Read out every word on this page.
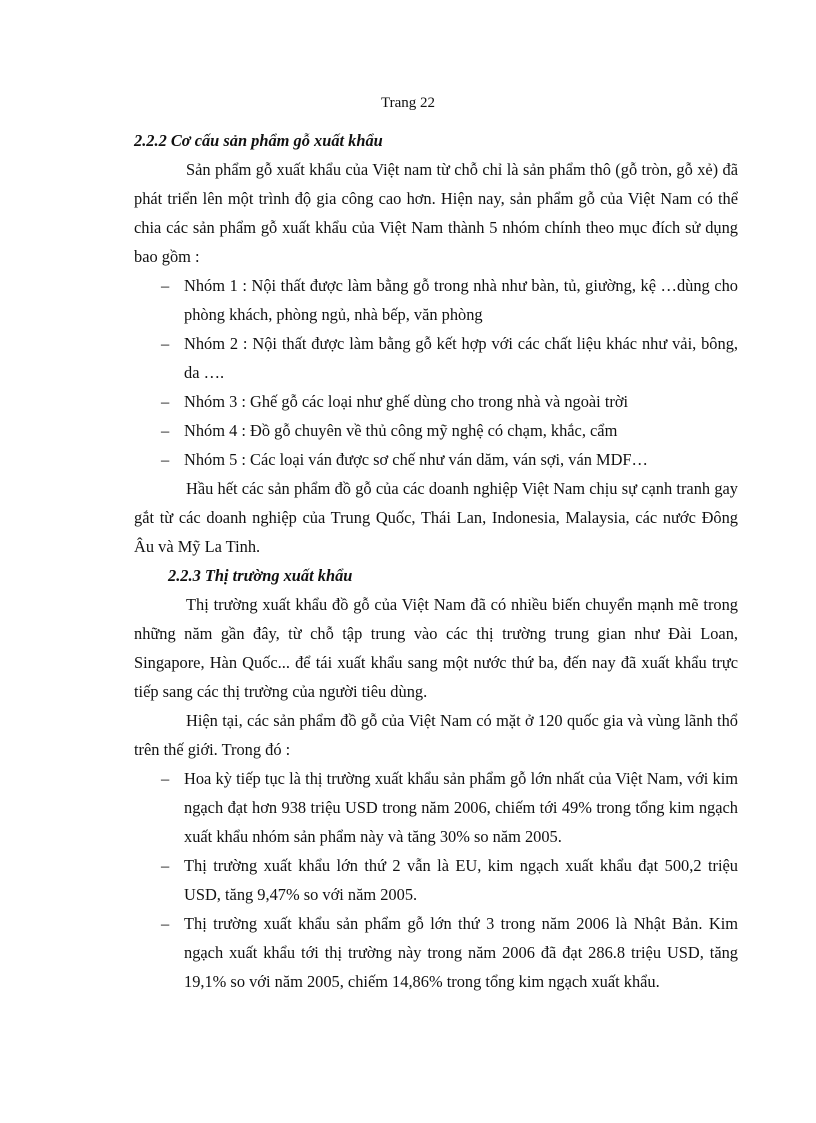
Trang 22

2.2.2 Cơ cấu sản phẩm gỗ xuất khẩu

Sản phẩm gỗ xuất khẩu của Việt nam từ chỗ chỉ là sản phẩm thô (gỗ tròn, gỗ xẻ) đã phát triển lên một trình độ gia công cao hơn. Hiện nay, sản phẩm gỗ của Việt Nam có thể chia các sản phẩm gỗ xuất khẩu của Việt Nam thành 5 nhóm chính theo mục đích sử dụng bao gồm :

– Nhóm 1 : Nội thất được làm bằng gỗ trong nhà như bàn, tủ, giường, kệ …dùng cho phòng khách, phòng ngủ, nhà bếp, văn phòng
– Nhóm 2 : Nội thất được làm bằng gỗ kết hợp với các chất liệu khác như vải, bông, da ….
– Nhóm 3 : Ghế gỗ các loại như ghế dùng cho trong nhà và ngoài trời
– Nhóm 4 : Đồ gỗ chuyên về thủ công mỹ nghệ có chạm, khắc, cẩm
– Nhóm 5 : Các loại ván được sơ chế như ván dăm, ván sợi, ván MDF…

Hầu hết các sản phẩm đồ gỗ của các doanh nghiệp Việt Nam chịu sự cạnh tranh gay gắt từ các doanh nghiệp của Trung Quốc, Thái Lan, Indonesia, Malaysia, các nước Đông Âu và Mỹ La Tinh.

2.2.3 Thị trường xuất khẩu

Thị trường xuất khẩu đồ gỗ của Việt Nam đã có nhiều biến chuyển mạnh mẽ trong những năm gần đây, từ chỗ tập trung vào các thị trường trung gian như Đài Loan, Singapore, Hàn Quốc... để tái xuất khẩu sang một nước thứ ba, đến nay đã xuất khẩu trực tiếp sang các thị trường của người tiêu dùng.

Hiện tại, các sản phẩm đồ gỗ của Việt Nam có mặt ở 120 quốc gia và vùng lãnh thổ trên thế giới. Trong đó :

– Hoa kỳ tiếp tục là thị trường xuất khẩu sản phẩm gỗ lớn nhất của Việt Nam, với kim ngạch đạt hơn 938 triệu USD trong năm 2006, chiếm tới 49% trong tổng kim ngạch xuất khẩu nhóm sản phẩm này và tăng 30% so năm 2005.
– Thị trường xuất khẩu lớn thứ 2 vẫn là EU, kim ngạch xuất khẩu đạt 500,2 triệu USD, tăng 9,47% so với năm 2005.
– Thị trường xuất khẩu sản phẩm gỗ lớn thứ 3 trong năm 2006 là Nhật Bản. Kim ngạch xuất khẩu tới thị trường này trong năm 2006 đã đạt 286.8 triệu USD, tăng 19,1% so với năm 2005, chiếm 14,86% trong tổng kim ngạch xuất khẩu.
